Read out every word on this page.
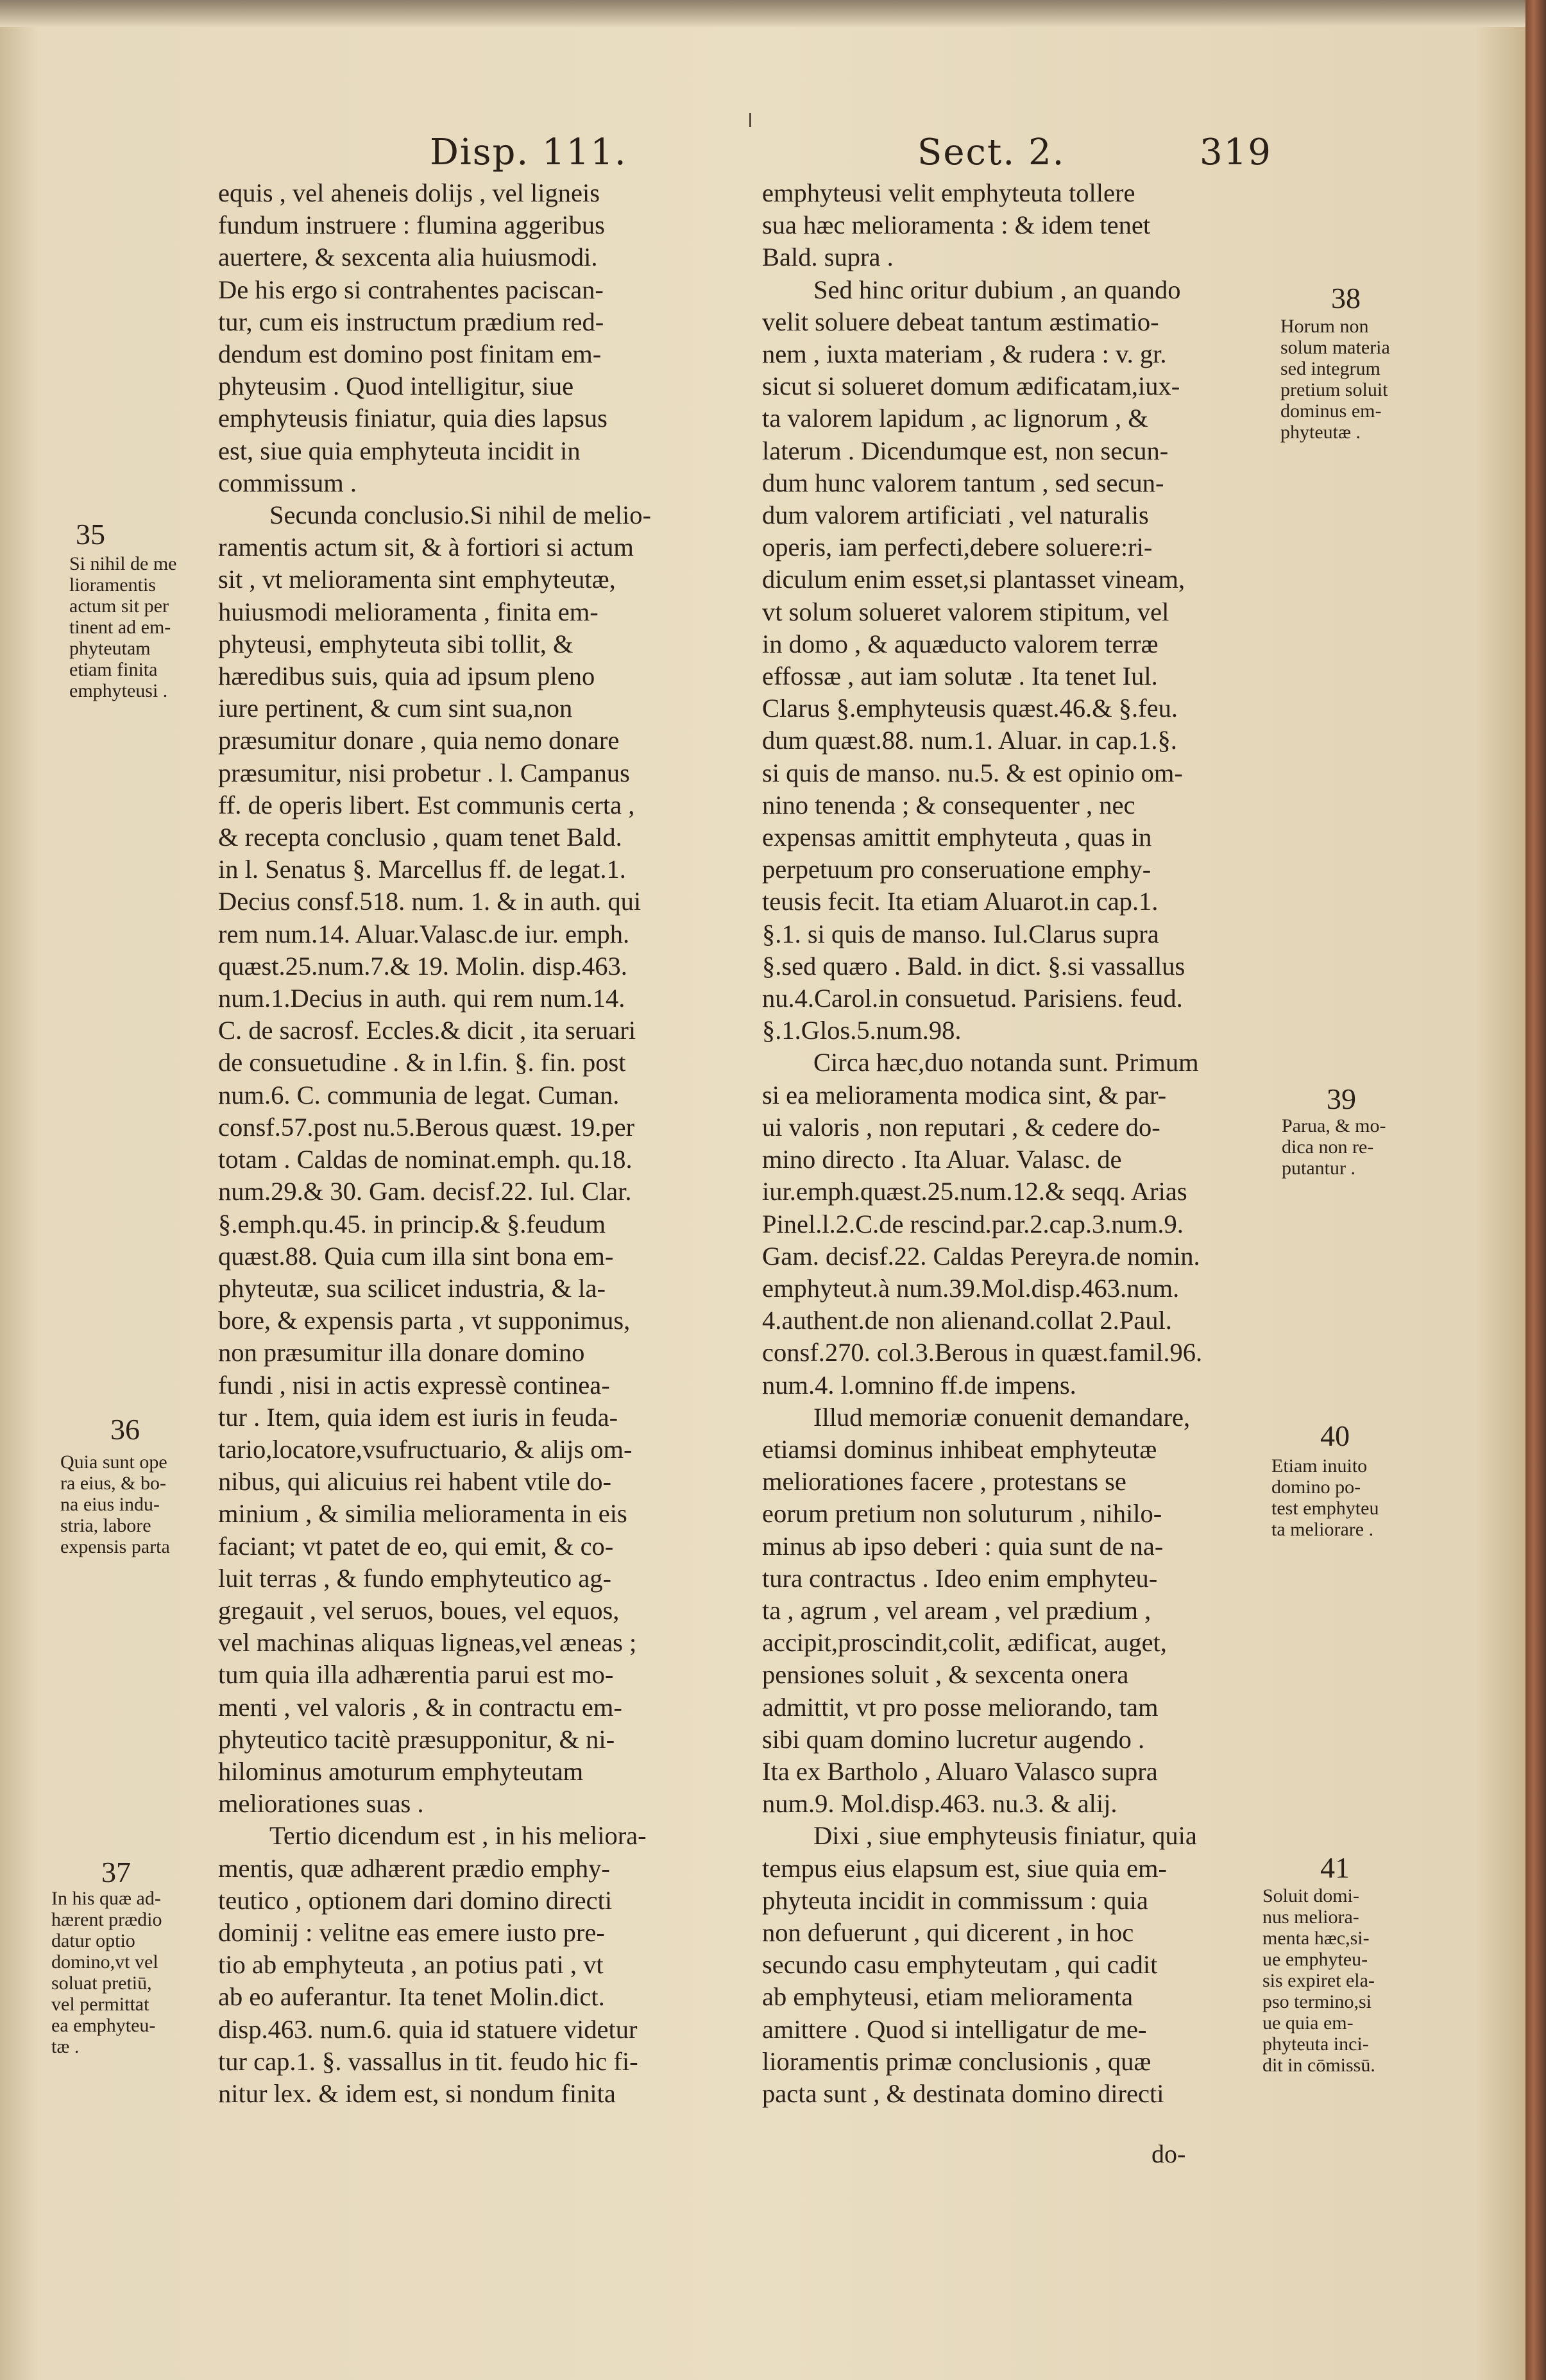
Disp. 111.	Sect. 2.	319

equis , vel aheneis dolijs , vel ligneis

fundum instruere : flumina aggeribus

auertere, & sexcenta alia huiusmodi.

De his ergo si contrahentes paciscan-

tur, cum eis instructum prædium red-

dendum est domino post finitam em-

phyteusim . Quod intelligitur, siue

emphyteusis finiatur, quia dies lapsus

est, siue quia emphyteuta incidit in

commissum .

Secunda conclusio.Si nihil de melio-

ramentis actum sit, & à fortiori si actum

sit , vt melioramenta sint emphyteutæ,

huiusmodi melioramenta , finita em-

phyteusi, emphyteuta sibi tollit, &

hæredibus suis, quia ad ipsum pleno

iure pertinent, & cum sint sua,non

præsumitur donare , quia nemo donare

præsumitur, nisi probetur . l. Campanus

ff. de operis libert. Est communis certa ,

& recepta conclusio , quam tenet Bald.

in l. Senatus §. Marcellus ff. de legat.1.

Decius consf.518. num. 1. & in auth. qui

rem num.14. Aluar.Valasc.de iur. emph.

quæst.25.num.7.& 19. Molin. disp.463.

num.1.Decius in auth. qui rem num.14.

C. de sacrosf. Eccles.& dicit , ita seruari

de consuetudine . & in l.fin. §. fin. post

num.6. C. communia de legat. Cuman.

consf.57.post nu.5.Berous quæst. 19.per

totam . Caldas de nominat.emph. qu.18.

num.29.& 30. Gam. decisf.22. Iul. Clar.

§.emph.qu.45. in princip.& §.feudum

quæst.88. Quia cum illa sint bona em-

phyteutæ, sua scilicet industria, & la-

bore, & expensis parta , vt supponimus,

non præsumitur illa donare domino

fundi , nisi in actis expressè continea-

tur . Item, quia idem est iuris in feuda-

tario,locatore,vsufructuario, & alijs om-

nibus, qui alicuius rei habent vtile do-

minium , & similia melioramenta in eis

faciant; vt patet de eo, qui emit, & co-

luit terras , & fundo emphyteutico ag-

gregauit , vel seruos, boues, vel equos,

vel machinas aliquas ligneas,vel æneas ;

tum quia illa adhærentia parui est mo-

menti , vel valoris , & in contractu em-

phyteutico tacitè præsupponitur, & ni-

hilominus amoturum emphyteutam

meliorationes suas .

Tertio dicendum est , in his meliora-

mentis, quæ adhærent prædio emphy-

teutico , optionem dari domino directi

dominij : velitne eas emere iusto pre-

tio ab emphyteuta , an potius pati , vt

ab eo auferantur. Ita tenet Molin.dict.

disp.463. num.6. quia id statuere videtur

tur cap.1. §. vassallus in tit. feudo hic fi-

nitur lex. & idem est, si nondum finita

emphyteusi velit emphyteuta tollere

sua hæc melioramenta : & idem tenet

Bald. supra .

Sed hinc oritur dubium , an quando

velit soluere debeat tantum æstimatio-

nem , iuxta materiam , & rudera : v. gr.

sicut si solueret domum ædificatam,iux-

ta valorem lapidum , ac lignorum , &

laterum . Dicendumque est, non secun-

dum hunc valorem tantum , sed secun-

dum valorem artificiati , vel naturalis

operis, iam perfecti,debere soluere:ri-

diculum enim esset,si plantasset vineam,

vt solum solueret valorem stipitum, vel

in domo , & aquæducto valorem terræ

effossæ , aut iam solutæ . Ita tenet Iul.

Clarus §.emphyteusis quæst.46.& §.feu.

dum quæst.88. num.1. Aluar. in cap.1.§.

si quis de manso. nu.5. & est opinio om-

nino tenenda ; & consequenter , nec

expensas amittit emphyteuta , quas in

perpetuum pro conseruatione emphy-

teusis fecit. Ita etiam Aluarot.in cap.1.

§.1. si quis de manso. Iul.Clarus supra

§.sed quæro . Bald. in dict. §.si vassallus

nu.4.Carol.in consuetud. Parisiens. feud.

§.1.Glos.5.num.98.

Circa hæc,duo notanda sunt. Primum

si ea melioramenta modica sint, & par-

ui valoris , non reputari , & cedere do-

mino directo . Ita Aluar. Valasc. de

iur.emph.quæst.25.num.12.& seqq. Arias

Pinel.l.2.C.de rescind.par.2.cap.3.num.9.

Gam. decisf.22. Caldas Pereyra.de nomin.

emphyteut.à num.39.Mol.disp.463.num.

4.authent.de non alienand.collat 2.Paul.

consf.270. col.3.Berous in quæst.famil.96.

num.4. l.omnino ff.de impens.

Illud memoriæ conuenit demandare,

etiamsi dominus inhibeat emphyteutæ

meliorationes facere , protestans se

eorum pretium non soluturum , nihilo-

minus ab ipso deberi : quia sunt de na-

tura contractus . Ideo enim emphyteu-

ta , agrum , vel aream , vel prædium ,

accipit,proscindit,colit, ædificat, auget,

pensiones soluit , & sexcenta onera

admittit, vt pro posse meliorando, tam

sibi quam domino lucretur augendo .

Ita ex Bartholo , Aluaro Valasco supra

num.9. Mol.disp.463. nu.3. & alij.

Dixi , siue emphyteusis finiatur, quia

tempus eius elapsum est, siue quia em-

phyteuta incidit in commissum : quia

non defuerunt , qui dicerent , in hoc

secundo casu emphyteutam , qui cadit

ab emphyteusi, etiam melioramenta

amittere . Quod si intelligatur de me-

lioramentis primæ conclusionis , quæ

pacta sunt , & destinata domino directi

35
Si nihil de me
lioramentis
actum sit per
tinent ad em-
phyteutam
etiam finita
emphyteusi .
36
Quia sunt ope
ra eius, & bo-
na eius indu-
stria, labore
expensis parta
37
In his quæ ad-
hærent prædio
datur optio
domino,vt vel
soluat pretiū,
vel permittat
ea emphyteu-
tæ .
38
Horum non
solum materia
sed integrum
pretium soluit
dominus em-
phyteutæ .
39
Parua, & mo-
dica non re-
putantur .
40
Etiam inuito
domino po-
test emphyteu
ta meliorare .
41
Soluit domi-
nus meliora-
menta hæc,si-
ue emphyteu-
sis expiret ela-
pso termino,si
ue quia em-
phyteuta inci-
dit in cōmissū.
do-
